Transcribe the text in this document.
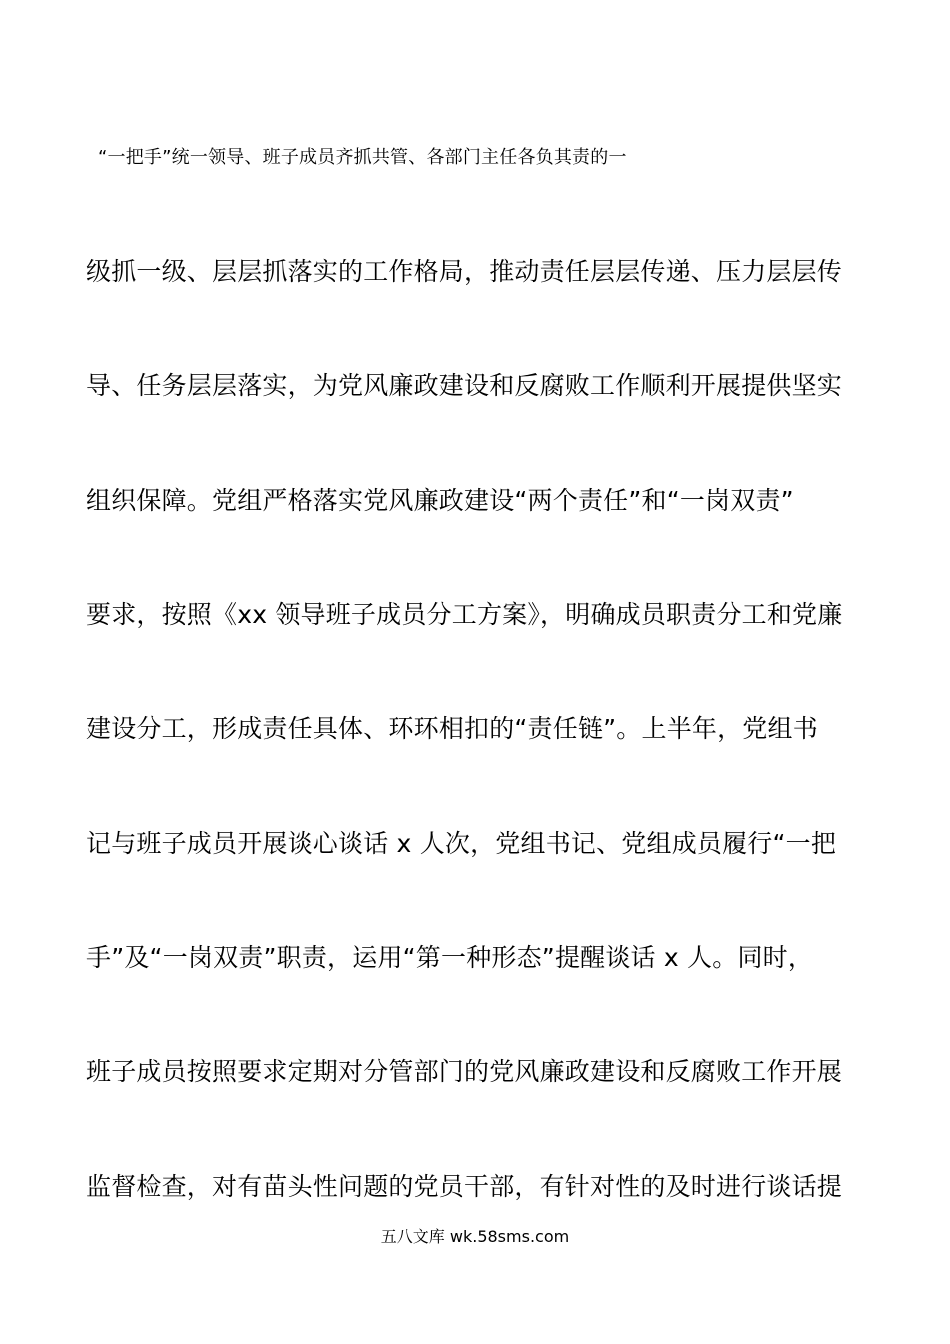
“一把手”统一领导、班子成员齐抓共管、各部门主任各负其责的一
级抓一级、层层抓落实的工作格局，推动责任层层传递、压力层层传
导、任务层层落实，为党风廉政建设和反腐败工作顺利开展提供坚实
组织保障。党组严格落实党风廉政建设“两个责任”和“一岗双责”
要求，按照《xx 领导班子成员分工方案》，明确成员职责分工和党廉
建设分工，形成责任具体、环环相扣的“责任链”。上半年，党组书
记与班子成员开展谈心谈话 x 人次，党组书记、党组成员履行“一把
手”及“一岗双责”职责，运用“第一种形态”提醒谈话 x 人。同时，
班子成员按照要求定期对分管部门的党风廉政建设和反腐败工作开展
监督检查，对有苗头性问题的党员干部，有针对性的及时进行谈话提
五八文库 wk.58sms.com
